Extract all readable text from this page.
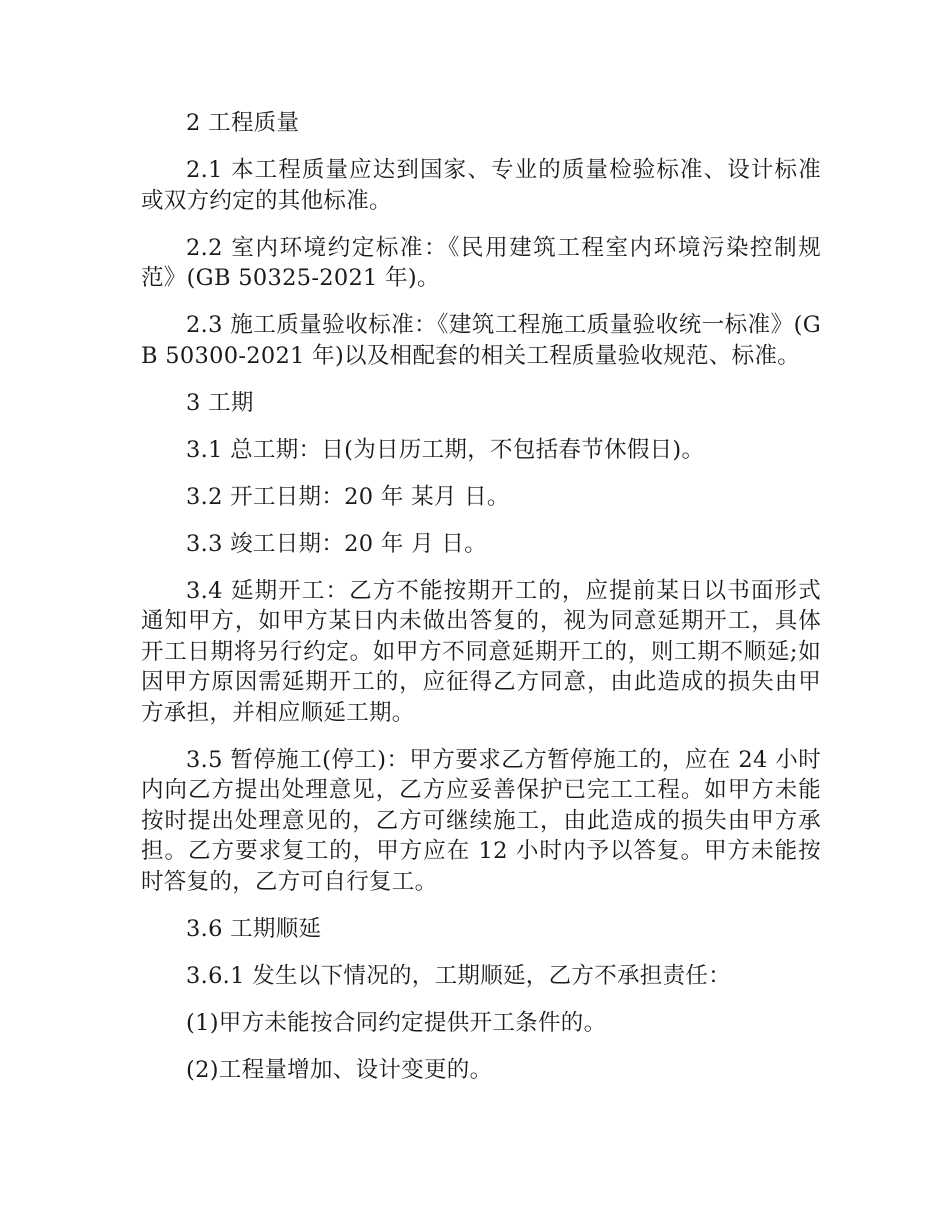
2 工程质量

2.1 本工程质量应达到国家、专业的质量检验标准、设计标准或双方约定的其他标准。

2.2 室内环境约定标准：《民用建筑工程室内环境污染控制规范》(GB 50325-2021 年)。

2.3 施工质量验收标准：《建筑工程施工质量验收统一标准》(GB 50300-2021 年)以及相配套的相关工程质量验收规范、标准。

3 工期

3.1 总工期：日(为日历工期，不包括春节休假日)。

3.2 开工日期：20 年 某月 日。

3.3 竣工日期：20 年 月 日。

3.4 延期开工：乙方不能按期开工的，应提前某日以书面形式通知甲方，如甲方某日内未做出答复的，视为同意延期开工，具体开工日期将另行约定。如甲方不同意延期开工的，则工期不顺延;如因甲方原因需延期开工的，应征得乙方同意，由此造成的损失由甲方承担，并相应顺延工期。

3.5 暂停施工(停工)：甲方要求乙方暂停施工的，应在 24 小时内向乙方提出处理意见，乙方应妥善保护已完工工程。如甲方未能按时提出处理意见的，乙方可继续施工，由此造成的损失由甲方承担。乙方要求复工的，甲方应在 12 小时内予以答复。甲方未能按时答复的，乙方可自行复工。

3.6 工期顺延

3.6.1 发生以下情况的，工期顺延，乙方不承担责任：

(1)甲方未能按合同约定提供开工条件的。

(2)工程量增加、设计变更的。
